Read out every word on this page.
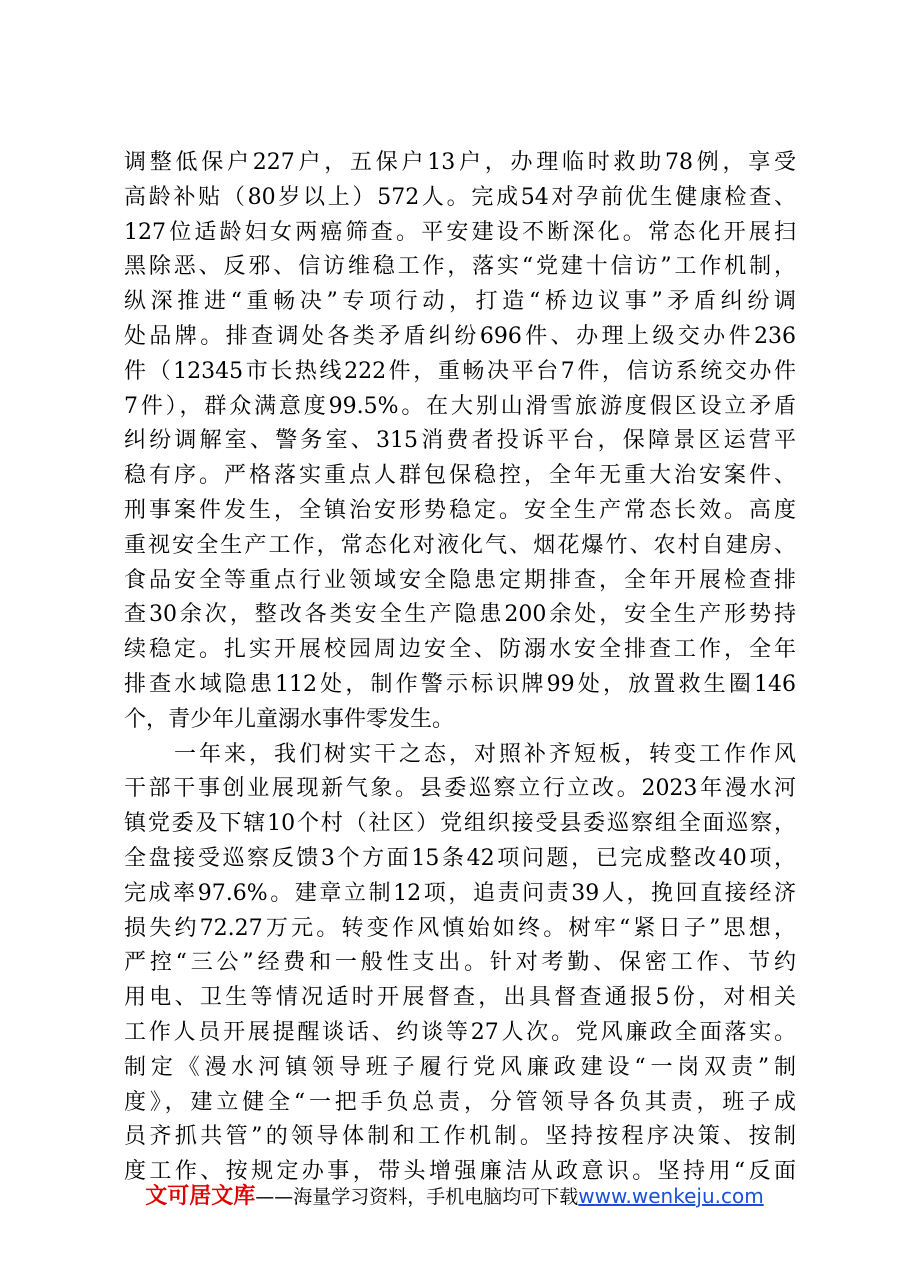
调整低保户227户，五保户13户，办理临时救助78例，享受
高龄补贴（80岁以上）572人。完成54对孕前优生健康检查、
127位适龄妇女两癌筛查。平安建设不断深化。常态化开展扫
黑除恶、反邪、信访维稳工作，落实“党建十信访”工作机制，
纵深推进“重畅决”专项行动，打造“桥边议事”矛盾纠纷调
处品牌。排查调处各类矛盾纠纷696件、办理上级交办件236
件（12345市长热线222件，重畅决平台7件，信访系统交办件
7件），群众满意度99.5%。在大别山滑雪旅游度假区设立矛盾
纠纷调解室、警务室、315消费者投诉平台，保障景区运营平
稳有序。严格落实重点人群包保稳控，全年无重大治安案件、
刑事案件发生，全镇治安形势稳定。安全生产常态长效。高度
重视安全生产工作，常态化对液化气、烟花爆竹、农村自建房、
食品安全等重点行业领域安全隐患定期排查，全年开展检查排
查30余次，整改各类安全生产隐患200余处，安全生产形势持
续稳定。扎实开展校园周边安全、防溺水安全排查工作，全年
排查水域隐患112处，制作警示标识牌99处，放置救生圈146
个，青少年儿童溺水事件零发生。
　　一年来，我们树实干之态，对照补齐短板，转变工作作风
干部干事创业展现新气象。县委巡察立行立改。2023年漫水河
镇党委及下辖10个村（社区）党组织接受县委巡察组全面巡察，
全盘接受巡察反馈3个方面15条42项问题，已完成整改40项，
完成率97.6%。建章立制12项，追责问责39人，挽回直接经济
损失约72.27万元。转变作风慎始如终。树牢“紧日子”思想，
严控“三公”经费和一般性支出。针对考勤、保密工作、节约
用电、卫生等情况适时开展督查，出具督查通报5份，对相关
工作人员开展提醒谈话、约谈等27人次。党风廉政全面落实。
制定《漫水河镇领导班子履行党风廉政建设“一岗双责”制
度》，建立健全“一把手负总责，分管领导各负其责，班子成
员齐抓共管”的领导体制和工作机制。坚持按程序决策、按制
度工作、按规定办事，带头增强廉洁从政意识。坚持用“反面
文可居文库——海量学习资料，手机电脑均可下载www.wenkeju.com
